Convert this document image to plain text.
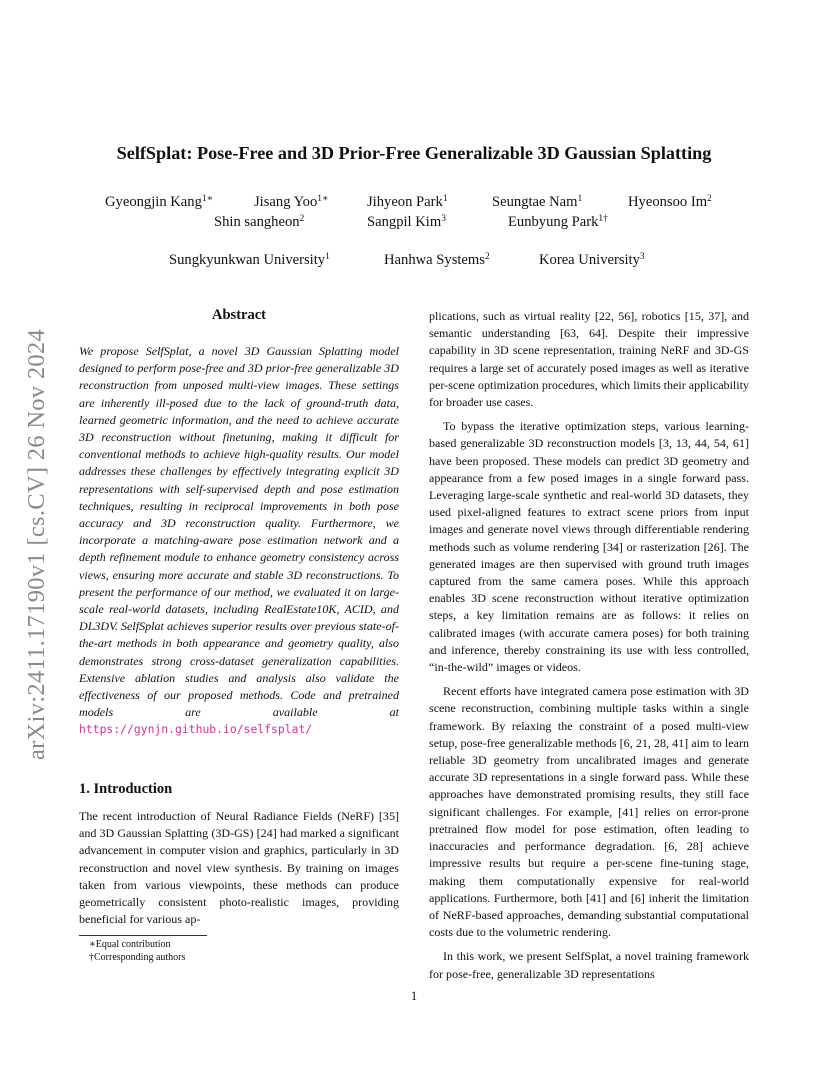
arXiv:2411.17190v1 [cs.CV] 26 Nov 2024
SelfSplat: Pose-Free and 3D Prior-Free Generalizable 3D Gaussian Splatting
Gyeongjin Kang$^{1∗}$	Jisang Yoo$^{1∗}$	Jihyeon Park$^1$	Seungtae Nam$^1$	Hyeonsoo Im$^2$
Shin sangheon$^2$	Sangpil Kim$^3$	Eunbyung Park$^{1\dagger}$
Sungkyunkwan University$^1$	Hanhwa Systems$^2$	Korea University$^3$
Abstract

We propose SelfSplat, a novel 3D Gaussian Splatting model designed to perform pose-free and 3D prior-free generalizable 3D reconstruction from unposed multi-view images. These settings are inherently ill-posed due to the lack of ground-truth data, learned geometric information, and the need to achieve accurate 3D reconstruction without finetuning, making it difficult for conventional methods to achieve high-quality results. Our model addresses these challenges by effectively integrating explicit 3D representations with self-supervised depth and pose estimation techniques, resulting in reciprocal improvements in both pose accuracy and 3D reconstruction quality. Furthermore, we incorporate a matching-aware pose estimation network and a depth refinement module to enhance geometry consistency across views, ensuring more accurate and stable 3D reconstructions. To present the performance of our method, we evaluated it on large-scale real-world datasets, including RealEstate10K, ACID, and DL3DV. SelfSplat achieves superior results over previous state-of-the-art methods in both appearance and geometry quality, also demonstrates strong cross-dataset generalization capabilities. Extensive ablation studies and analysis also validate the effectiveness of our proposed methods. Code and pretrained models are available at https://gynjn.github.io/selfsplat/

1. Introduction

The recent introduction of Neural Radiance Fields (NeRF) [35] and 3D Gaussian Splatting (3D-GS) [24] had marked a significant advancement in computer vision and graphics, particularly in 3D reconstruction and novel view synthesis. By training on images taken from various viewpoints, these methods can produce geometrically consistent photo-realistic images, providing beneficial for various ap-

plications, such as virtual reality [22, 56], robotics [15, 37], and semantic understanding [63, 64]. Despite their impressive capability in 3D scene representation, training NeRF and 3D-GS requires a large set of accurately posed images as well as iterative per-scene optimization procedures, which limits their applicability for broader use cases.

To bypass the iterative optimization steps, various learning-based generalizable 3D reconstruction models [3, 13, 44, 54, 61] have been proposed. These models can predict 3D geometry and appearance from a few posed images in a single forward pass. Leveraging large-scale synthetic and real-world 3D datasets, they used pixel-aligned features to extract scene priors from input images and generate novel views through differentiable rendering methods such as volume rendering [34] or rasterization [26]. The generated images are then supervised with ground truth images captured from the same camera poses. While this approach enables 3D scene reconstruction without iterative optimization steps, a key limitation remains are as follows: it relies on calibrated images (with accurate camera poses) for both training and inference, thereby constraining its use with less controlled, “in-the-wild” images or videos.

Recent efforts have integrated camera pose estimation with 3D scene reconstruction, combining multiple tasks within a single framework. By relaxing the constraint of a posed multi-view setup, pose-free generalizable methods [6, 21, 28, 41] aim to learn reliable 3D geometry from uncalibrated images and generate accurate 3D representations in a single forward pass. While these approaches have demonstrated promising results, they still face significant challenges. For example, [41] relies on error-prone pretrained flow model for pose estimation, often leading to inaccuracies and performance degradation. [6, 28] achieve impressive results but require a per-scene fine-tuning stage, making them computationally expensive for real-world applications. Furthermore, both [41] and [6] inherit the limitation of NeRF-based approaches, demanding substantial computational costs due to the volumetric rendering.

In this work, we present SelfSplat, a novel training framework for pose-free, generalizable 3D representations

∗Equal contribution
†Corresponding authors
1
